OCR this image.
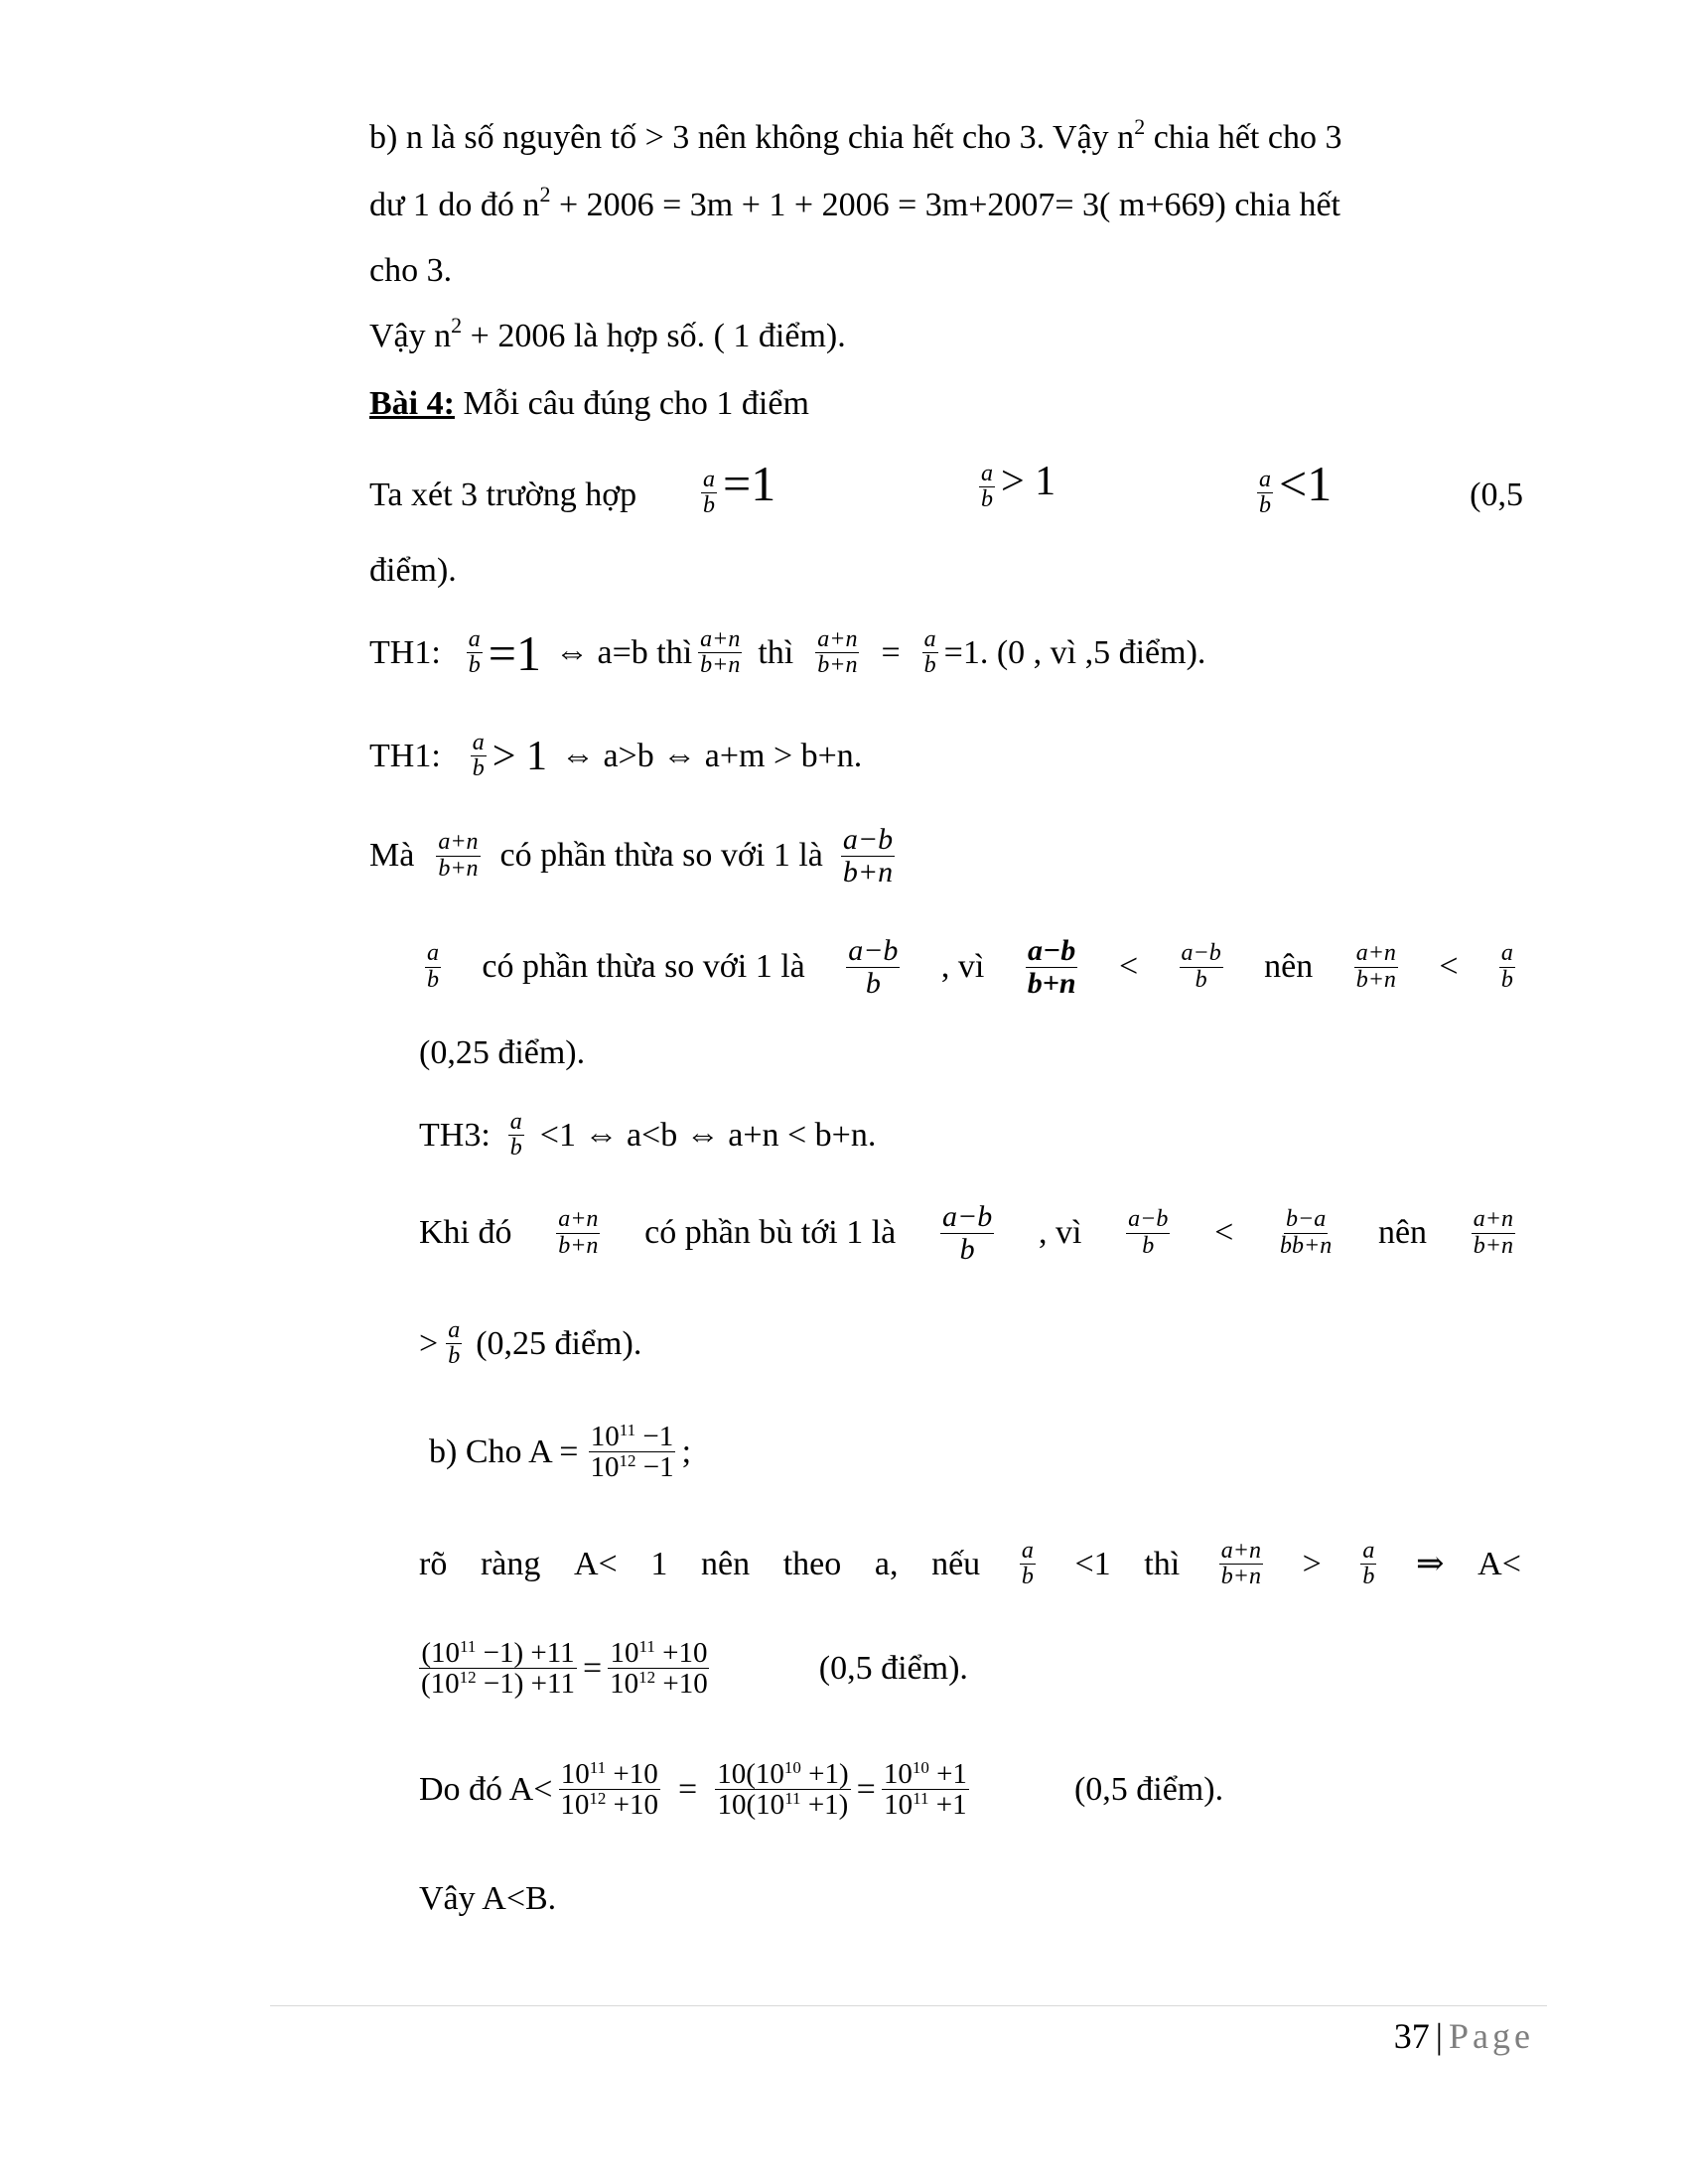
b) n là số nguyên tố > 3 nên không chia hết cho 3. Vậy $n^2$ chia hết cho 3
dư 1 do đó $n^2 + 2006 = 3m + 1 + 2006 = 3m+2007= 3$( m+669) chia hết
cho 3.
Vậy $n^2 + 2006$ là hợp số. ( 1 điểm).
Bài 4: Mỗi câu đúng cho 1 điểm
Ta xét 3 trường hợp	$\frac{a}{b} =1$	$\frac{a}{b} > 1$	$\frac{a}{b} <1$	(0,5
điểm).
TH1: $\frac{a}{b} =1$ ⇔ a=b thì $\frac{a+n}{b+n}$ thì $\frac{a+n}{b+n} = \frac{a}{b} =1$. (0 , vì ,5 điểm).
TH1: $\frac{a}{b} > 1$ ⇔ a>b ⇔ a+m > b+n.
Mà $\frac{a+n}{b+n}$ có phần thừa so với 1 là $\frac{a-b}{b+n}$
$\frac{a}{b}$ có phần thừa so với 1 là $\frac{a-b}{b}$ , vì $\frac{a-b}{b+n} < \frac{a-b}{b}$ nên $\frac{a+n}{b+n} < \frac{a}{b}$
(0,25 điểm).
TH3: $\frac{a}{b} <1$ ⇔ a<b ⇔ a+n < b+n.
Khi đó $\frac{a+n}{b+n}$ có phần bù tới 1 là $\frac{a-b}{b}$ , vì $\frac{a-b}{b} < \frac{b-a}{bb+n}$ nên $\frac{a+n}{b+n}$
> $\frac{a}{b} (0,25$ điểm).
b) Cho $A = \frac{10^{11} -1}{10^{12} -1}$ ;
rõ ràng A< 1 nên theo a, nếu $\frac{a}{b} <1$ thì $\frac{a+n}{b+n} > \frac{a}{b}$ ⇒ A<
$\frac{(10^{11} -1) +11}{(10^{12} -1) +11} = \frac{10^{11} +10}{10^{12} +10}$	(0,5 điểm).
Do đó $A< \frac{10^{11} +10}{10^{12} +10} = \frac{10(10^{10} +1)}{10(10^{11} +1)} = \frac{10^{10} +1}{10^{11} +1}$	(0,5 điểm).
Vây A<B.
37 | Page
